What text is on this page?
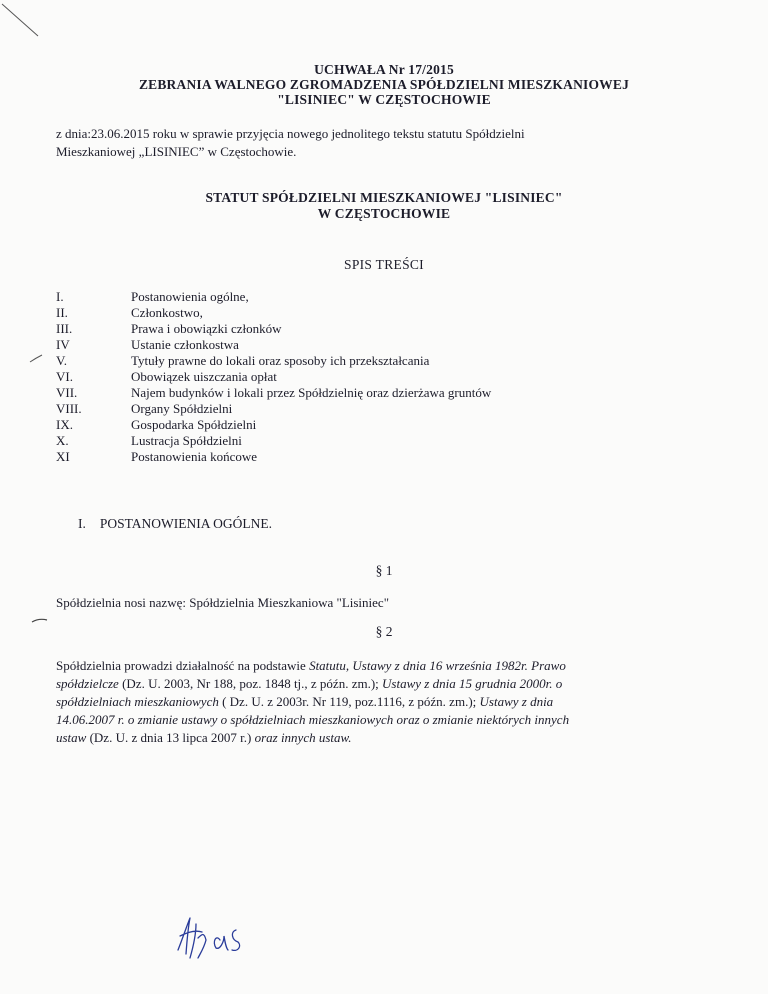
UCHWAŁA Nr 17/2015
ZEBRANIA WALNEGO ZGROMADZENIA SPÓŁDZIELNI MIESZKANIOWEJ
"LISINIEC" W CZĘSTOCHOWIE
z dnia:23.06.2015 roku w sprawie przyjęcia nowego jednolitego tekstu statutu Spółdzielni
Mieszkaniowej „LISINIEC” w Częstochowie.
STATUT SPÓŁDZIELNI MIESZKANIOWEJ "LISINIEC"
W CZĘSTOCHOWIE
SPIS TREŚCI
I.	Postanowienia ogólne,
II.	Członkostwo,
III.	Prawa i obowiązki członków
IV	Ustanie członkostwa
V.	Tytuły prawne do lokali oraz sposoby ich przekształcania
VI.	Obowiązek uiszczania opłat
VII.	Najem budynków i lokali przez Spółdzielnię oraz dzierżawa gruntów
VIII.	Organy Spółdzielni
IX.	Gospodarka Spółdzielni
X.	Lustracja Spółdzielni
XI	Postanowienia końcowe
I. POSTANOWIENIA OGÓLNE.
§ 1
Spółdzielnia nosi nazwę: Spółdzielnia Mieszkaniowa "Lisiniec"
§ 2
Spółdzielnia prowadzi działalność na podstawie Statutu, Ustawy z dnia 16 września 1982r. Prawo
spółdzielcze (Dz. U. 2003, Nr 188, poz. 1848 tj., z późn. zm.); Ustawy z dnia 15 grudnia 2000r. o
spółdzielniach mieszkaniowych ( Dz. U. z 2003r. Nr 119, poz.1116, z późn. zm.); Ustawy z dnia
14.06.2007 r. o zmianie ustawy o spółdzielniach mieszkaniowych oraz o zmianie niektórych innych
ustaw (Dz. U. z dnia 13 lipca 2007 r.) oraz innych ustaw.
